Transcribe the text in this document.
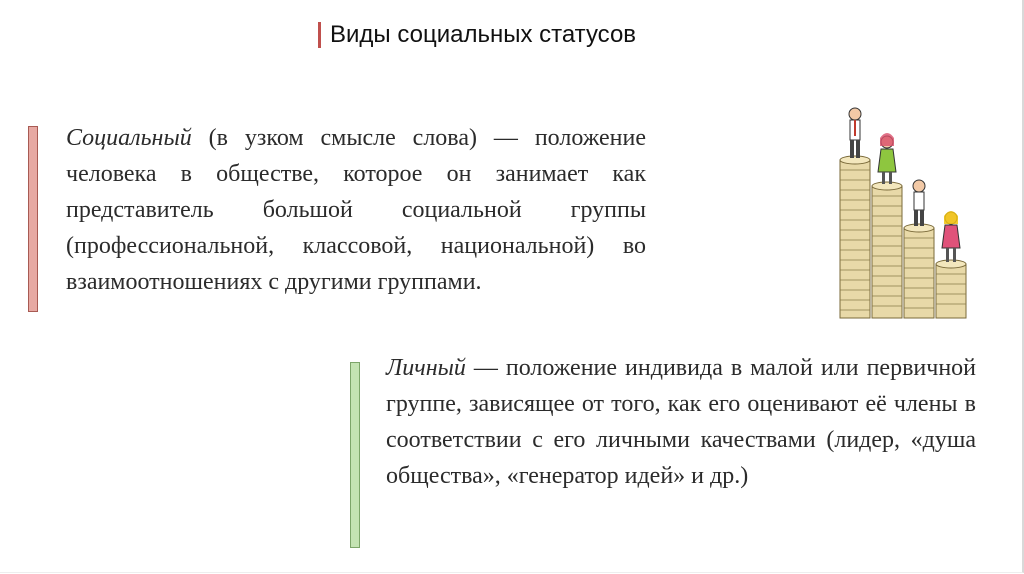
Виды социальных статусов
Социальный (в узком смысле слова) — положение человека в обществе, которое он занимает как представитель большой социальной группы (профессиональной, классовой, национальной) во взаимоотношениях с другими группами.
Личный — положение индивида в малой или первичной группе, зависящее от того, как его оценивают её члены в соответствии с его личными качествами (лидер, «душа общества», «генератор идей» и др.)
